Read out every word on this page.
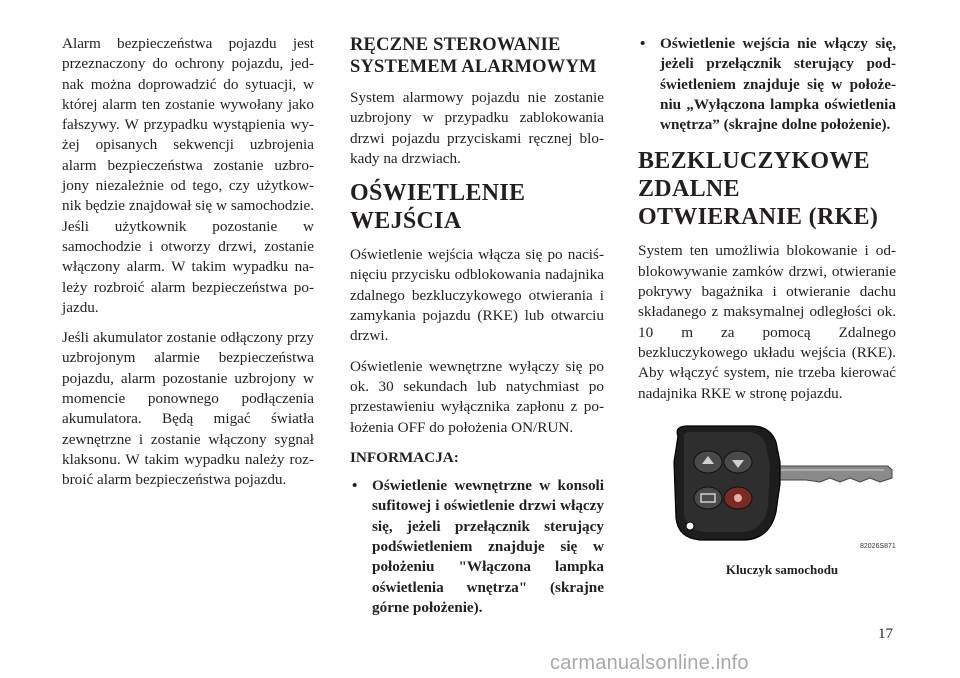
Alarm bezpieczeństwa pojazdu jest przeznaczony do ochrony pojazdu, jednak można doprowadzić do sytuacji, w której alarm ten zostanie wywołany jako fałszywy. W przypadku wystąpienia wyżej opisanych sekwencji uzbrojenia alarm bezpieczeństwa zostanie uzbrojony niezależnie od tego, czy użytkownik będzie znajdował się w samochodzie. Jeśli użytkownik pozostanie w samochodzie i otworzy drzwi, zostanie włączony alarm. W takim wypadku należy rozbroić alarm bezpieczeństwa pojazdu.

Jeśli akumulator zostanie odłączony przy uzbrojonym alarmie bezpieczeństwa pojazdu, alarm pozostanie uzbrojony w momencie ponownego podłączenia akumulatora. Będą migać światła zewnętrzne i zostanie włączony sygnał klaksonu. W takim wypadku należy rozbroić alarm bezpieczeństwa pojazdu.

RĘCZNE STEROWANIE SYSTEMEM ALARMOWYM

System alarmowy pojazdu nie zostanie uzbrojony w przypadku zablokowania drzwi pojazdu przyciskami ręcznej blokady na drzwiach.

OŚWIETLENIE WEJŚCIA

Oświetlenie wejścia włącza się po naciśnięciu przycisku odblokowania nadajnika zdalnego bezkluczykowego otwierania i zamykania pojazdu (RKE) lub otwarciu drzwi.

Oświetlenie wewnętrzne wyłączy się po ok. 30 sekundach lub natychmiast po przestawieniu wyłącznika zapłonu z położenia OFF do położenia ON/RUN.

INFORMACJA:
• Oświetlenie wewnętrzne w konsoli sufitowej i oświetlenie drzwi włączy się, jeżeli przełącznik sterujący podświetleniem znajduje się w położeniu "Włączona lampka oświetlenia wnętrza" (skrajne górne położenie).
• Oświetlenie wejścia nie włączy się, jeżeli przełącznik sterujący podświetleniem znajduje się w położeniu „Wyłączona lampka oświetlenia wnętrza” (skrajne dolne położenie).
BEZKLUCZYKOWE ZDALNE OTWIERANIE (RKE)

System ten umożliwia blokowanie i odblokowywanie zamków drzwi, otwieranie pokrywy bagażnika i otwieranie dachu składanego z maksymalnej odległości ok. 10 m za pomocą Zdalnego bezkluczykowego układu wejścia (RKE). Aby włączyć system, nie trzeba kierować nadajnika RKE w stronę pojazdu.

82026S871
Kluczyk samochodu
17
carmanualsonline.info
